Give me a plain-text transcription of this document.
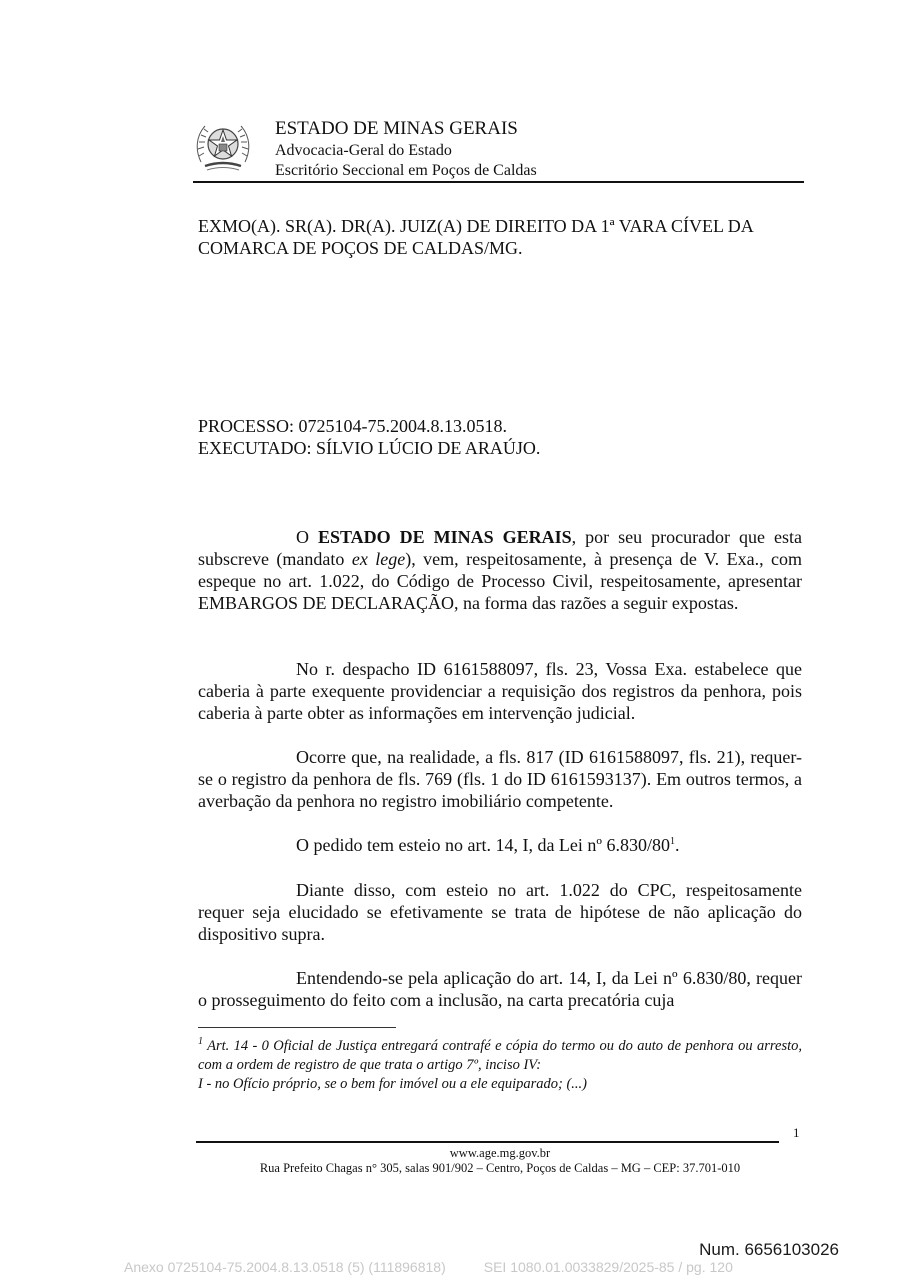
ESTADO DE MINAS GERAIS
Advocacia-Geral do Estado
Escritório Seccional em Poços de Caldas
EXMO(A). SR(A). DR(A). JUIZ(A) DE DIREITO DA 1ª VARA CÍVEL DA COMARCA DE POÇOS DE CALDAS/MG.
PROCESSO: 0725104-75.2004.8.13.0518.
EXECUTADO: SÍLVIO LÚCIO DE ARAÚJO.

O ESTADO DE MINAS GERAIS, por seu procurador que esta subscreve (mandato ex lege), vem, respeitosamente, à presença de V. Exa., com espeque no art. 1.022, do Código de Processo Civil, respeitosamente, apresentar EMBARGOS DE DECLARAÇÃO, na forma das razões a seguir expostas.

No r. despacho ID 6161588097, fls. 23, Vossa Exa. estabelece que caberia à parte exequente providenciar a requisição dos registros da penhora, pois caberia à parte obter as informações em intervenção judicial.

Ocorre que, na realidade, a fls. 817 (ID 6161588097, fls. 21), requer-se o registro da penhora de fls. 769 (fls. 1 do ID 6161593137). Em outros termos, a averbação da penhora no registro imobiliário competente.

O pedido tem esteio no art. 14, I, da Lei nº 6.830/80$^1$.

Diante disso, com esteio no art. 1.022 do CPC, respeitosamente requer seja elucidado se efetivamente se trata de hipótese de não aplicação do dispositivo supra.

Entendendo-se pela aplicação do art. 14, I, da Lei nº 6.830/80, requer o prosseguimento do feito com a inclusão, na carta precatória cuja

$^1$ Art. 14 - 0 Oficial de Justiça entregará contrafé e cópia do termo ou do auto de penhora ou arresto, com a ordem de registro de que trata o artigo 7º, inciso IV:
I - no Ofício próprio, se o bem for imóvel ou a ele equiparado; (...)
1
www.age.mg.gov.br
Rua Prefeito Chagas n° 305, salas 901/902 – Centro, Poços de Caldas – MG – CEP: 37.701-010
Num. 6656103026
Anexo 0725104-75.2004.8.13.0518 (5) (111896818)	SEI 1080.01.0033829/2025-85 / pg. 120
